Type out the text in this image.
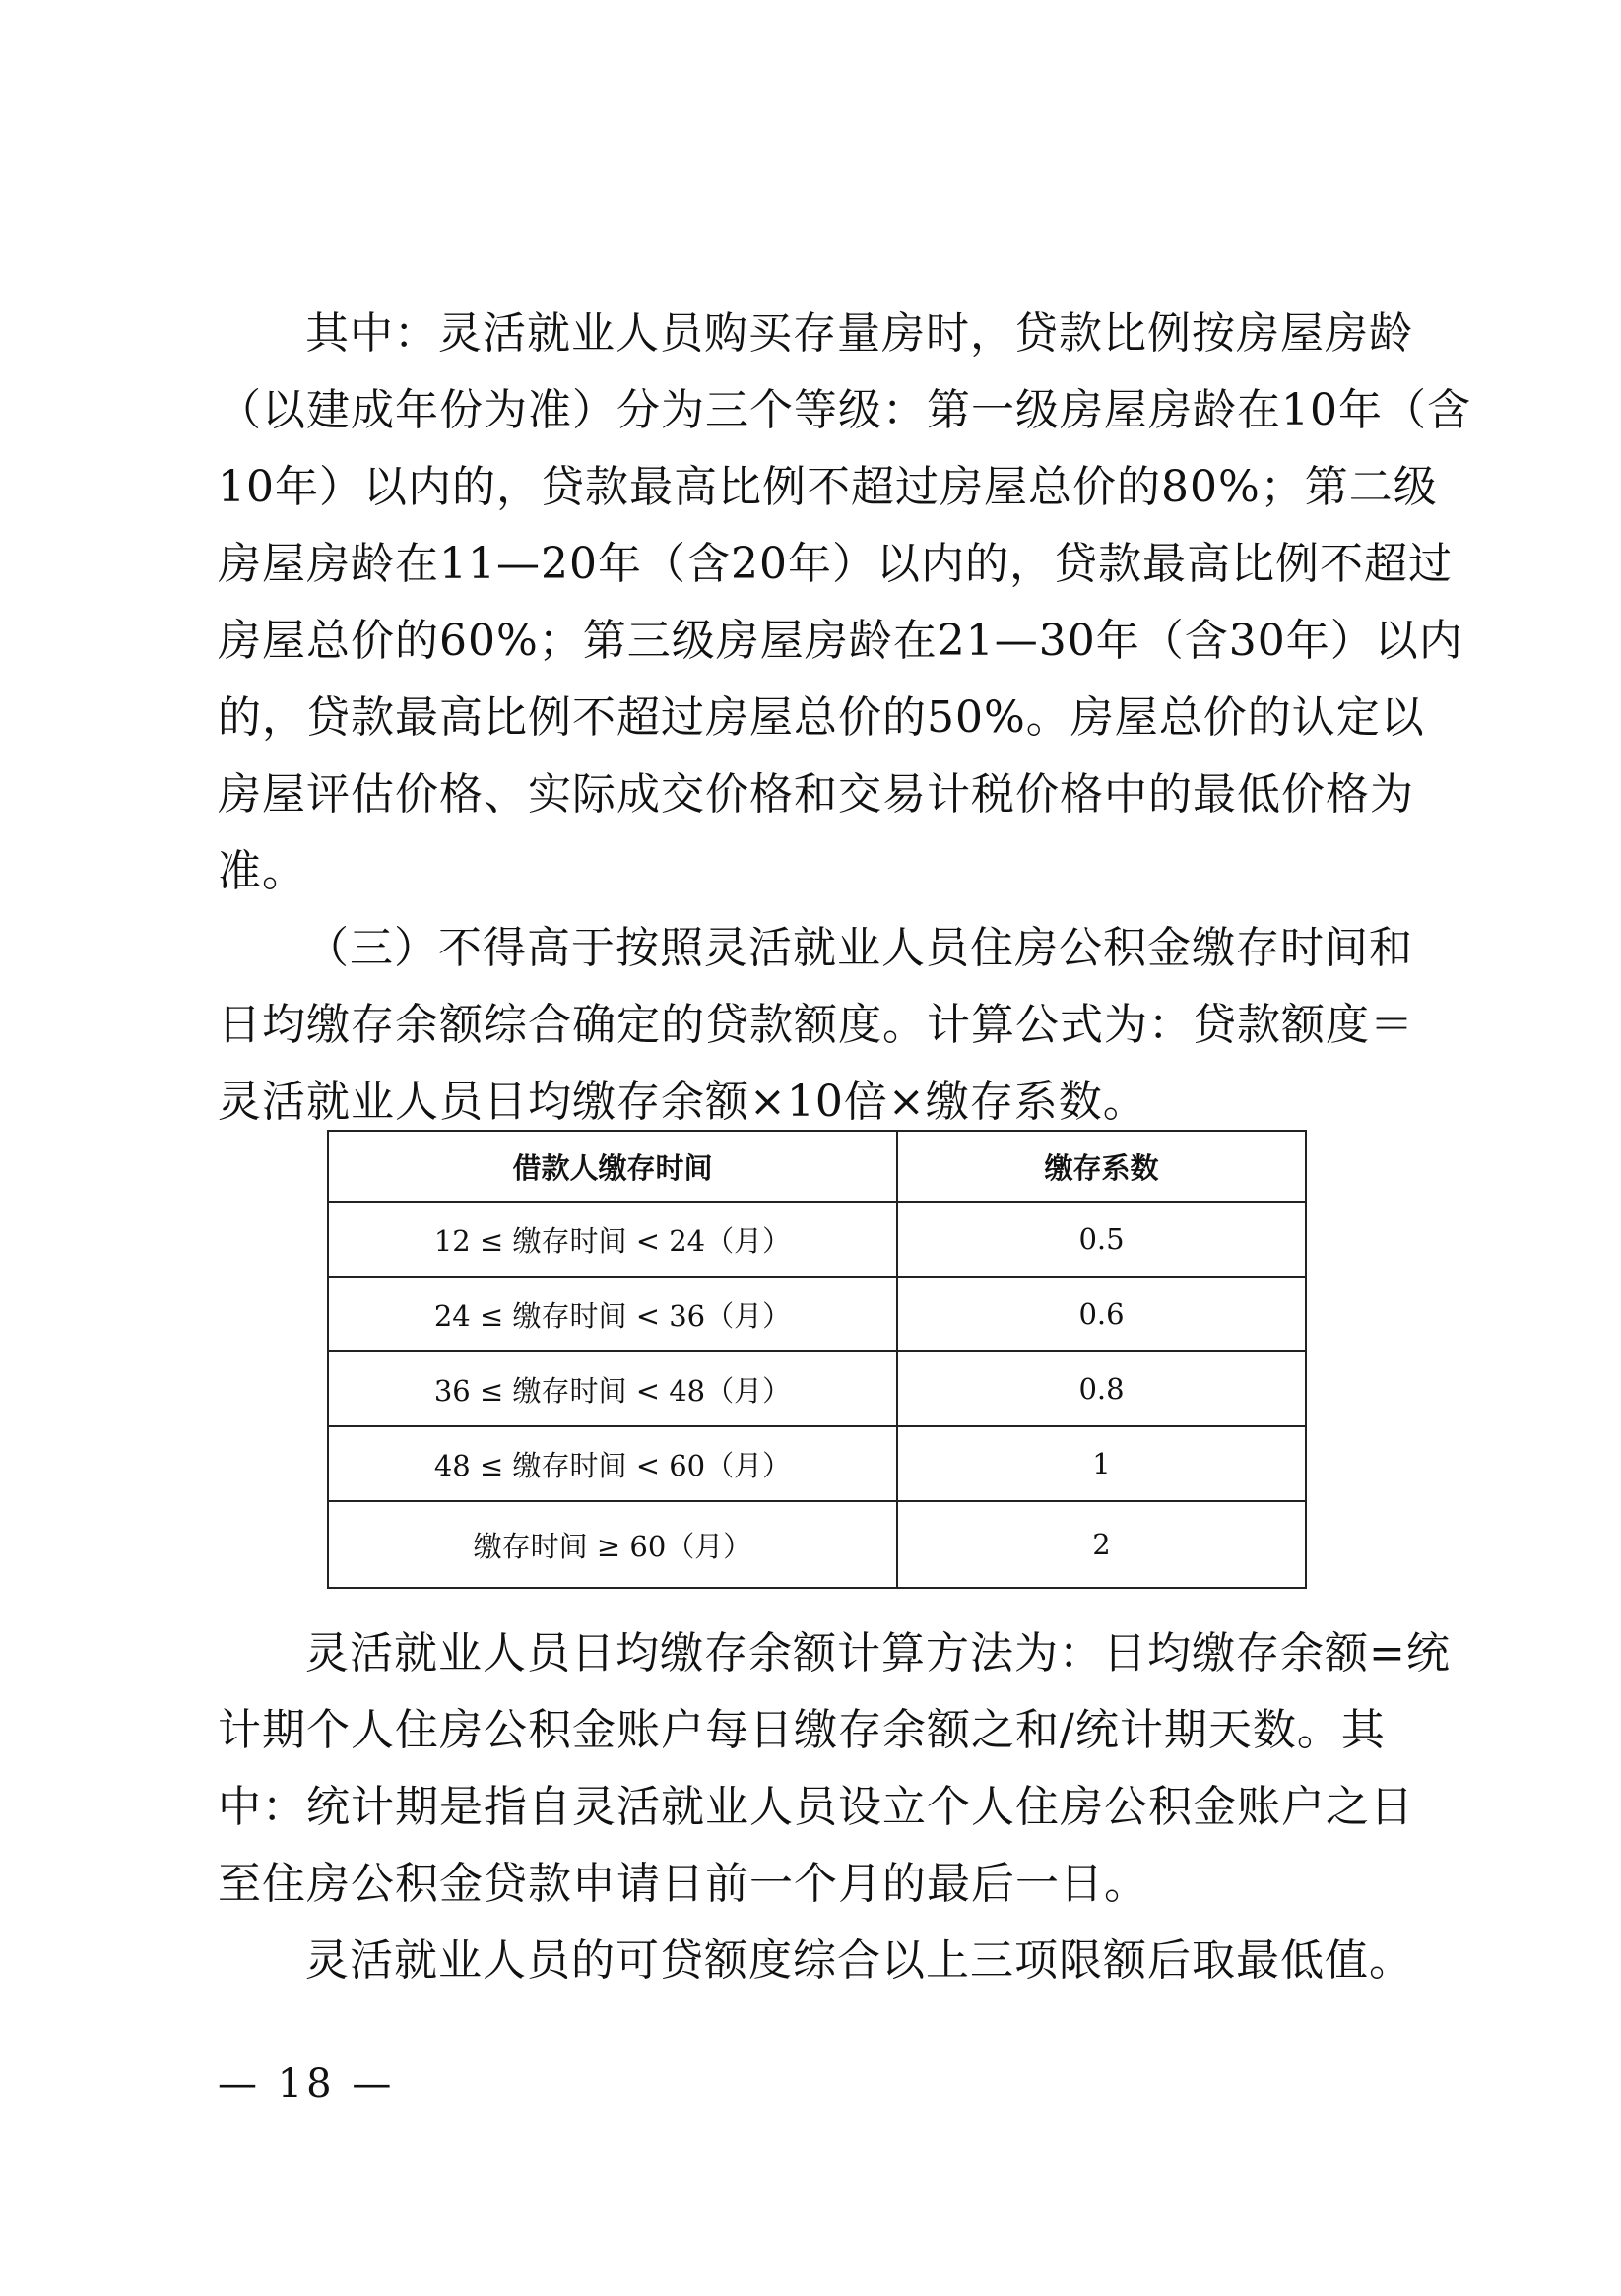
其中：灵活就业人员购买存量房时，贷款比例按房屋房龄
（以建成年份为准）分为三个等级：第一级房屋房龄在10年（含
10年）以内的，贷款最高比例不超过房屋总价的80%；第二级
房屋房龄在11—20年（含20年）以内的，贷款最高比例不超过
房屋总价的60%；第三级房屋房龄在21—30年（含30年）以内
的，贷款最高比例不超过房屋总价的50%。房屋总价的认定以
房屋评估价格、实际成交价格和交易计税价格中的最低价格为
准。
（三）不得高于按照灵活就业人员住房公积金缴存时间和
日均缴存余额综合确定的贷款额度。计算公式为：贷款额度＝
灵活就业人员日均缴存余额×10倍×缴存系数。
借款人缴存时间	缴存系数
12 ≤ 缴存时间 < 24（月）	0.5
24 ≤ 缴存时间 < 36（月）	0.6
36 ≤ 缴存时间 < 48（月）	0.8
48 ≤ 缴存时间 < 60（月）	1
缴存时间 ≥ 60（月）	2
灵活就业人员日均缴存余额计算方法为：日均缴存余额=统
计期个人住房公积金账户每日缴存余额之和/统计期天数。其
中：统计期是指自灵活就业人员设立个人住房公积金账户之日
至住房公积金贷款申请日前一个月的最后一日。
灵活就业人员的可贷额度综合以上三项限额后取最低值。
— 18 —
